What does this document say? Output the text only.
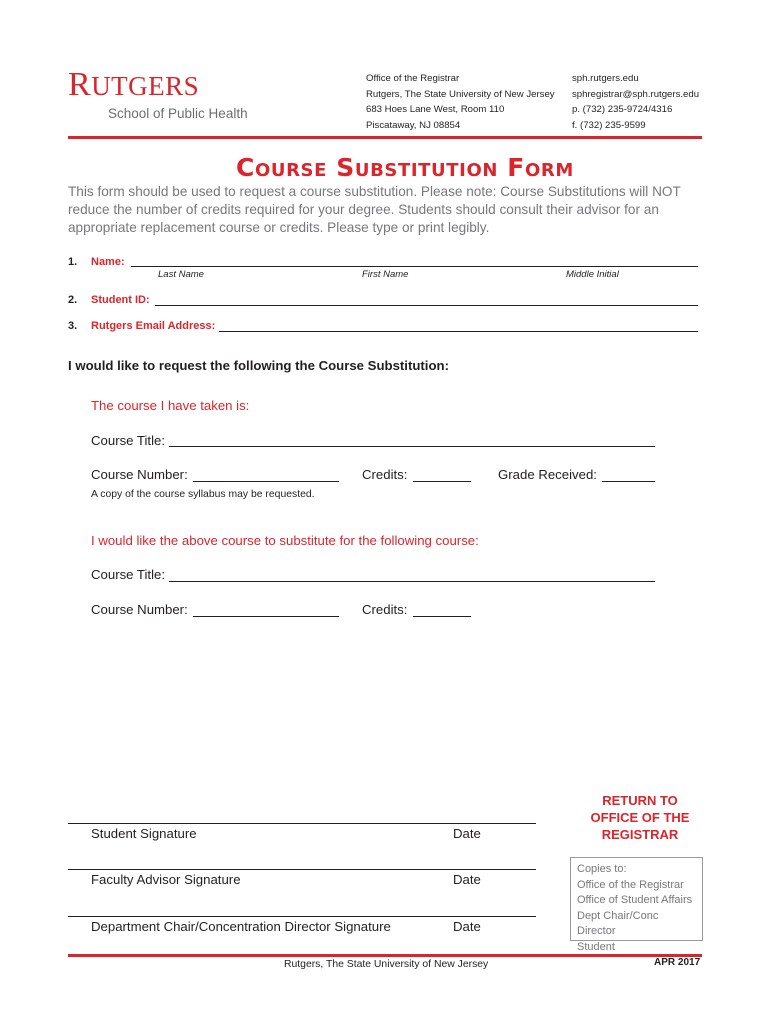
RUTGERS
School of Public Health
Office of the Registrar
Rutgers, The State University of New Jersey
683 Hoes Lane West, Room 110
Piscataway, NJ 08854
sph.rutgers.edu
sphregistrar@sph.rutgers.edu
p. (732) 235-9724/4316
f. (732) 235-9599
Course Substitution Form
This form should be used to request a course substitution. Please note: Course Substitutions will NOT
reduce the number of credits required for your degree. Students should consult their advisor for an
appropriate replacement course or credits. Please type or print legibly.
1. Name:
Last Name	First Name	Middle Initial
2. Student ID:
3. Rutgers Email Address:
I would like to request the following the Course Substitution:
The course I have taken is:
Course Title:
Course Number:	Credits:	Grade Received:
A copy of the course syllabus may be requested.
I would like the above course to substitute for the following course:
Course Title:
Course Number:	Credits:
Student Signature	Date
Faculty Advisor Signature	Date
Department Chair/Concentration Director Signature	Date
RETURN TO
OFFICE OF THE
REGISTRAR
Copies to:
Office of the Registrar
Office of Student Affairs
Dept Chair/Conc Director
Student
Rutgers, The State University of New Jersey	APR 2017
